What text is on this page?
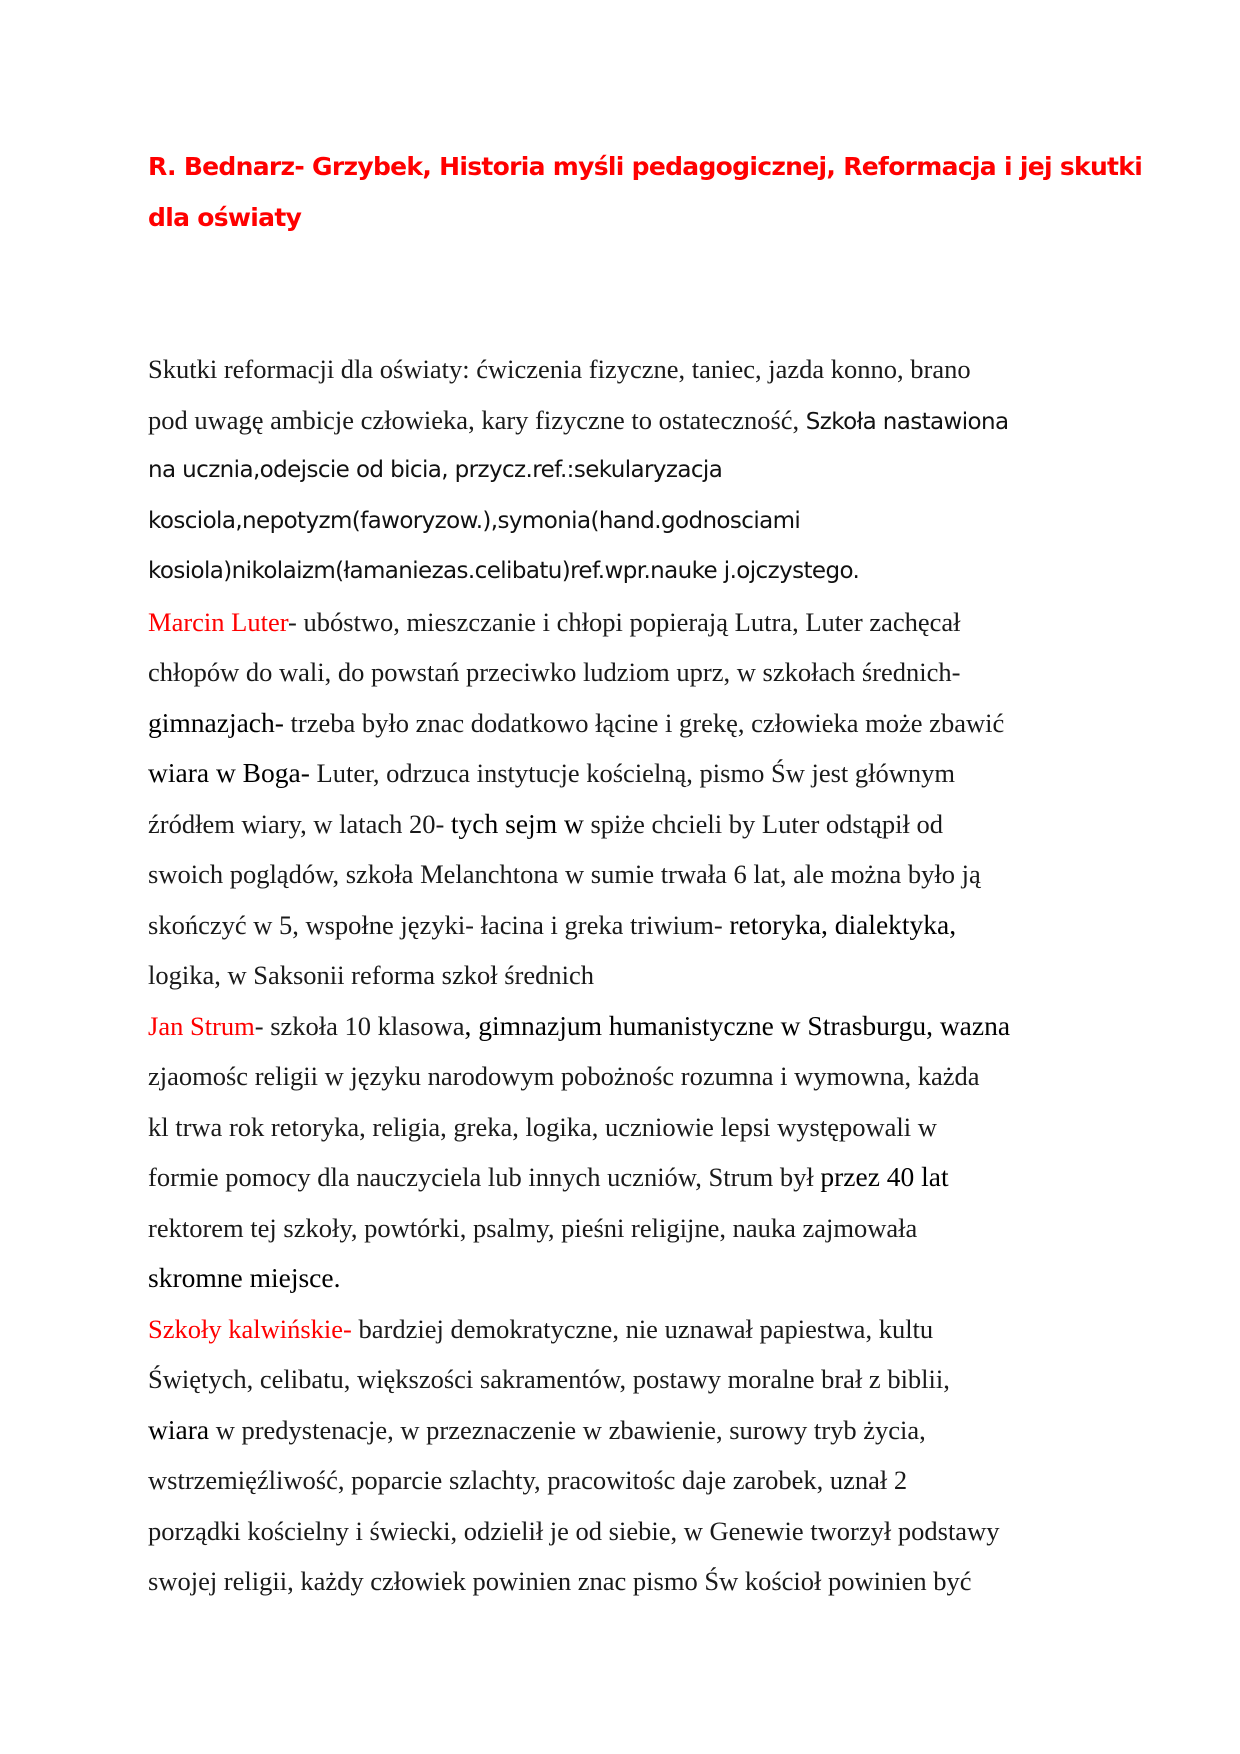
R. Bednarz- Grzybek, Historia myśli pedagogicznej, Reformacja i jej skutki
dla oświaty
Skutki reformacji dla oświaty: ćwiczenia fizyczne, taniec, jazda konno, brano
pod uwagę ambicje człowieka, kary fizyczne to ostateczność, Szkoła nastawiona
na ucznia,odejscie od bicia, przycz.ref.:sekularyzacja
kosciola,nepotyzm(faworyzow.),symonia(hand.godnosciami
kosiola)nikolaizm(łamaniezas.celibatu)ref.wpr.nauke j.ojczystego.
Marcin Luter- ubóstwo, mieszczanie i chłopi popierają Lutra, Luter zachęcał
chłopów do wali, do powstań przeciwko ludziom uprz, w szkołach średnich-
gimnazjach- trzeba było znac dodatkowo łącine i grekę, człowieka może zbawić
wiara w Boga- Luter, odrzuca instytucje kościelną, pismo Św jest głównym
źródłem wiary, w latach 20- tych sejm w spiże chcieli by Luter odstąpił od
swoich poglądów, szkoła Melanchtona w sumie trwała 6 lat, ale można było ją
skończyć w 5, wspołne języki- łacina i greka triwium- retoryka, dialektyka,
logika, w Saksonii reforma szkoł średnich
Jan Strum- szkoła 10 klasowa, gimnazjum humanistyczne w Strasburgu, wazna
zjaomośc religii w języku narodowym pobożnośc rozumna i wymowna, każda
kl trwa rok retoryka, religia, greka, logika, uczniowie lepsi występowali w
formie pomocy dla nauczyciela lub innych uczniów, Strum był przez 40 lat
rektorem tej szkoły, powtórki, psalmy, pieśni religijne, nauka zajmowała
skromne miejsce.
Szkoły kalwińskie- bardziej demokratyczne, nie uznawał papiestwa, kultu
Świętych, celibatu, większości sakramentów, postawy moralne brał z biblii,
wiara w predystenacje, w przeznaczenie w zbawienie, surowy tryb życia,
wstrzemięźliwość, poparcie szlachty, pracowitośc daje zarobek, uznał 2
porządki kościelny i świecki, odzielił je od siebie, w Genewie tworzył podstawy
swojej religii, każdy człowiek powinien znac pismo Św kościoł powinien być
